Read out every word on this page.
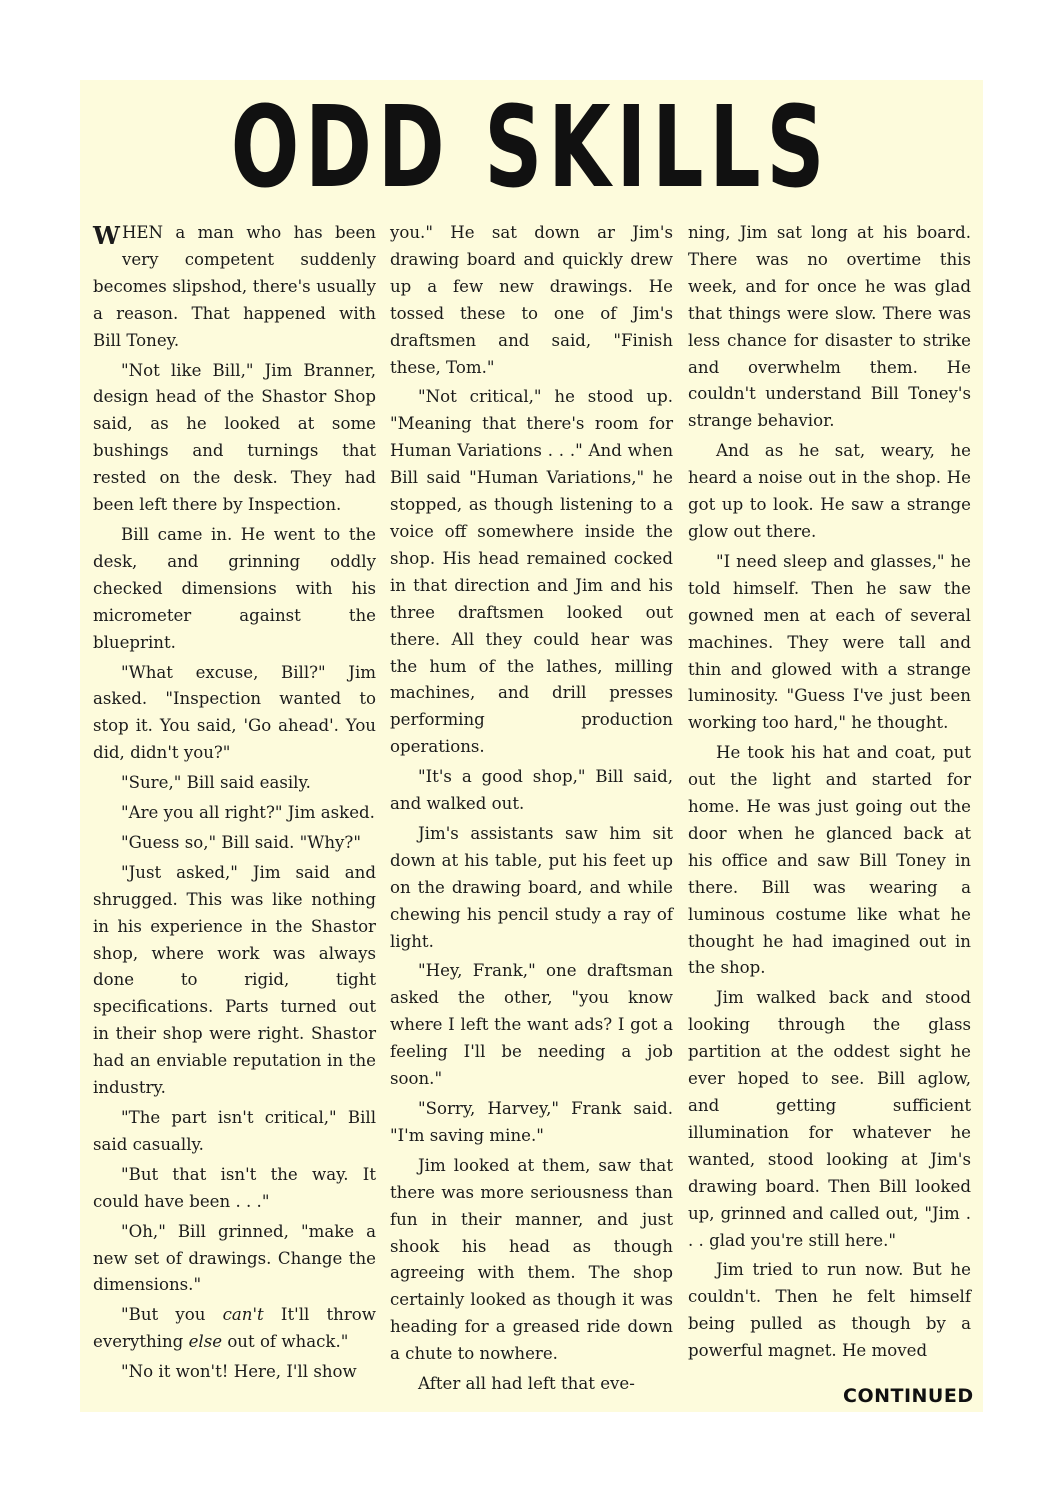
ODD SKILLS

W HEN a man who has been very competent suddenly becomes slipshod, there's usually a reason. That happened with Bill Toney.

"Not like Bill," Jim Branner, design head of the Shastor Shop said, as he looked at some bushings and turnings that rested on the desk. They had been left there by Inspection.

Bill came in. He went to the desk, and grinning oddly checked dimensions with his micrometer against the blueprint.

"What excuse, Bill?" Jim asked. "Inspection wanted to stop it. You said, 'Go ahead'. You did, didn't you?"

"Sure," Bill said easily.

"Are you all right?" Jim asked.

"Guess so," Bill said. "Why?"

"Just asked," Jim said and shrugged. This was like nothing in his experience in the Shastor shop, where work was always done to rigid, tight specifications. Parts turned out in their shop were right. Shastor had an enviable reputation in the industry.

"The part isn't critical," Bill said casually.

"But that isn't the way. It could have been . . ."

"Oh," Bill grinned, "make a new set of drawings. Change the dimensions."

"But you can't It'll throw everything else out of whack."

"No it won't! Here, I'll show

you." He sat down ar Jim's drawing board and quickly drew up a few new drawings. He tossed these to one of Jim's draftsmen and said, "Finish these, Tom."

"Not critical," he stood up. "Meaning that there's room for Human Variations . . ." And when Bill said "Human Variations," he stopped, as though listening to a voice off somewhere inside the shop. His head remained cocked in that direction and Jim and his three draftsmen looked out there. All they could hear was the hum of the lathes, milling machines, and drill presses performing production operations.

"It's a good shop," Bill said, and walked out.

Jim's assistants saw him sit down at his table, put his feet up on the drawing board, and while chewing his pencil study a ray of light.

"Hey, Frank," one draftsman asked the other, "you know where I left the want ads? I got a feeling I'll be needing a job soon."

"Sorry, Harvey," Frank said. "I'm saving mine."

Jim looked at them, saw that there was more seriousness than fun in their manner, and just shook his head as though agreeing with them. The shop certainly looked as though it was heading for a greased ride down a chute to nowhere.

After all had left that eve-

ning, Jim sat long at his board. There was no overtime this week, and for once he was glad that things were slow. There was less chance for disaster to strike and overwhelm them. He couldn't understand Bill Toney's strange behavior.

And as he sat, weary, he heard a noise out in the shop. He got up to look. He saw a strange glow out there.

"I need sleep and glasses," he told himself. Then he saw the gowned men at each of several machines. They were tall and thin and glowed with a strange luminosity. "Guess I've just been working too hard," he thought.

He took his hat and coat, put out the light and started for home. He was just going out the door when he glanced back at his office and saw Bill Toney in there. Bill was wearing a luminous costume like what he thought he had imagined out in the shop.

Jim walked back and stood looking through the glass partition at the oddest sight he ever hoped to see. Bill aglow, and getting sufficient illumination for whatever he wanted, stood looking at Jim's drawing board. Then Bill looked up, grinned and called out, "Jim . . . glad you're still here."

Jim tried to run now. But he couldn't. Then he felt himself being pulled as though by a powerful magnet. He moved

CONTINUED
